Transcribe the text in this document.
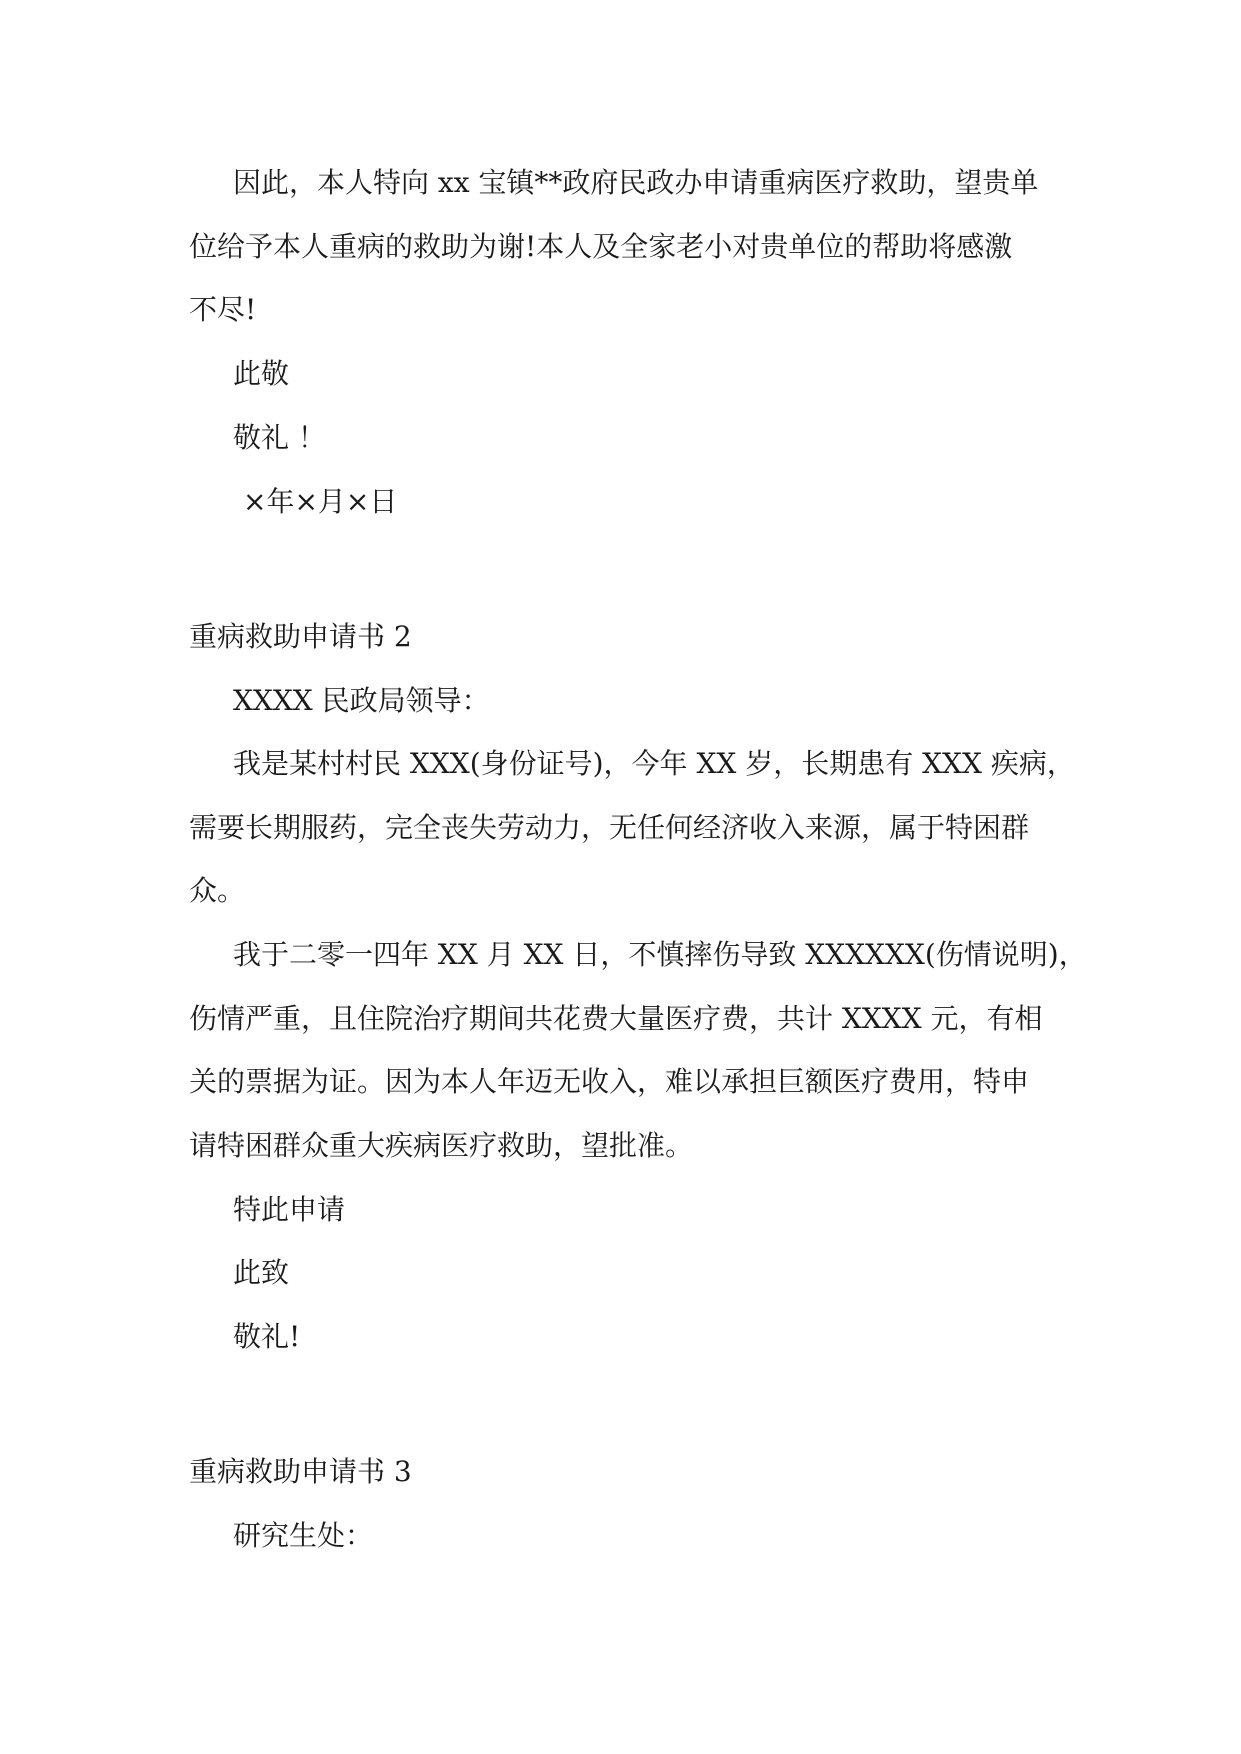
因此，本人特向 xx 宝镇**政府民政办申请重病医疗救助，望贵单

位给予本人重病的救助为谢!本人及全家老小对贵单位的帮助将感激

不尽!

此敬

敬礼 ！

×年×月×日

重病救助申请书 2

XXXX 民政局领导：

我是某村村民 XXX(身份证号)，今年 XX 岁，长期患有 XXX 疾病，

需要长期服药，完全丧失劳动力，无任何经济收入来源，属于特困群

众。

我于二零一四年 XX 月 XX 日，不慎摔伤导致 XXXXXX(伤情说明)，

伤情严重，且住院治疗期间共花费大量医疗费，共计 XXXX 元，有相

关的票据为证。因为本人年迈无收入，难以承担巨额医疗费用，特申

请特困群众重大疾病医疗救助，望批准。

特此申请

此致

敬礼!

重病救助申请书 3

研究生处：
